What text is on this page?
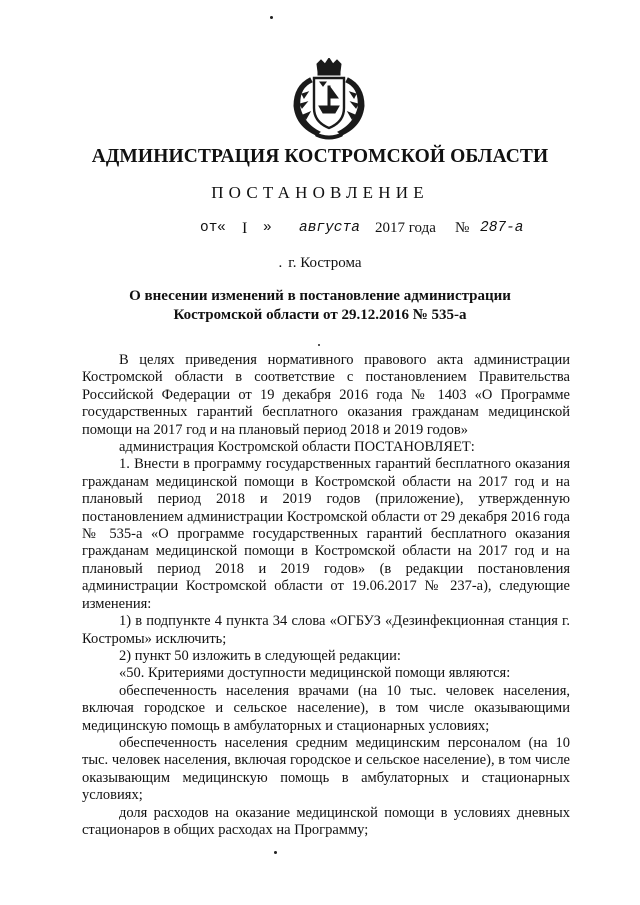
АДМИНИСТРАЦИЯ КОСТРОМСКОЙ ОБЛАСТИ
ПОСТАНОВЛЕНИЕ
от « I » августа 2017 года № 287-а
. г. Кострома
О внесении изменений в постановление администрации
Костромской области от 29.12.2016 № 535-а

В целях приведения нормативного правового акта администрации Костромской области в соответствие с постановлением Правительства Российской Федерации от 19 декабря 2016 года № 1403 «О Программе государственных гарантий бесплатного оказания гражданам медицинской помощи на 2017 год и на плановый период 2018 и 2019 годов»

администрация Костромской области ПОСТАНОВЛЯЕТ:

1. Внести в программу государственных гарантий бесплатного оказания гражданам медицинской помощи в Костромской области на 2017 год и на плановый период 2018 и 2019 годов (приложение), утвержденную постановлением администрации Костромской области от 29 декабря 2016 года № 535-а «О программе государственных гарантий бесплатного оказания гражданам медицинской помощи в Костромской области на 2017 год и на плановый период 2018 и 2019 годов» (в редакции постановления администрации Костромской области от 19.06.2017 № 237-а), следующие изменения:

1) в подпункте 4 пункта 34 слова «ОГБУЗ «Дезинфекционная станция г. Костромы» исключить;

2) пункт 50 изложить в следующей редакции:

«50. Критериями доступности медицинской помощи являются:

обеспеченность населения врачами (на 10 тыс. человек населения, включая городское и сельское население), в том числе оказывающими медицинскую помощь в амбулаторных и стационарных условиях;

обеспеченность населения средним медицинским персоналом (на 10 тыс. человек населения, включая городское и сельское население), в том числе оказывающим медицинскую помощь в амбулаторных и стационарных условиях;

доля расходов на оказание медицинской помощи в условиях дневных стационаров в общих расходах на Программу;
